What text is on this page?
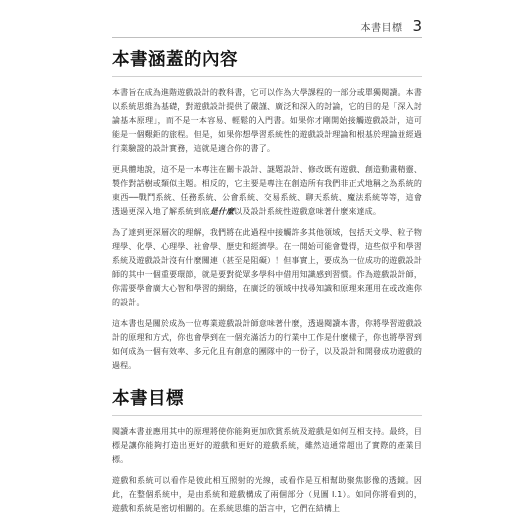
本書目標 3
本書涵蓋的內容

本書旨在成為進階遊戲設計的教科書，它可以作為大學課程的一部分或單獨閱讀。本書以系統思維為基礎，對遊戲設計提供了嚴謹、廣泛和深入的討論，它的目的是「深入討論基本原理」，而不是一本容易、輕鬆的入門書。如果你才剛開始接觸遊戲設計，這可能是一個艱鉅的旅程。但是，如果你想學習系統性的遊戲設計理論和根基於理論並經過行業驗證的設計實務，這就是適合你的書了。

更具體地說，這不是一本專注在關卡設計、謎題設計、修改既有遊戲、創造動畫精靈、製作對話樹或類似主題。相反的，它主要是專注在創造所有我們非正式地稱之為系統的東西──戰鬥系統、任務系統、公會系統、交易系統、聊天系統、魔法系統等等，這會透過更深入地了解系統到底是什麼以及設計系統性遊戲意味著什麼來達成。

為了達到更深層次的理解，我們將在此過程中接觸許多其他領域，包括天文學、粒子物理學、化學、心理學、社會學、歷史和經濟學。在一開始可能會覺得，這些似乎和學習系統及遊戲設計沒有什麼關連（甚至是阻礙）！但事實上，要成為一位成功的遊戲設計師的其中一個重要環節，就是要對從眾多學科中借用知識感到習慣。作為遊戲設計師，你需要學會廣大心智和學習的網絡，在廣泛的領域中找尋知識和原理來運用在或改進你的設計。

這本書也是關於成為一位專業遊戲設計師意味著什麼，透過閱讀本書，你將學習遊戲設計的原理和方式，你也會學到在一個充滿活力的行業中工作是什麼樣子，你也將學習到如何成為一個有效率、多元化且有創意的團隊中的一份子，以及設計和開發成功遊戲的過程。

本書目標

閱讀本書並應用其中的原理將使你能夠更加欣賞系統及遊戲是如何互相支持。最終，目標是讓你能夠打造出更好的遊戲和更好的遊戲系統，雖然這通常超出了實際的產業目標。

遊戲和系統可以看作是彼此相互照射的光線，或看作是互相幫助聚焦影像的透鏡。因此，在整個系統中，是由系統和遊戲構成了兩個部分（見圖 I.1）。如同你將看到的，遊戲和系統是密切相關的。在系統思維的語言中，它們在結構上
